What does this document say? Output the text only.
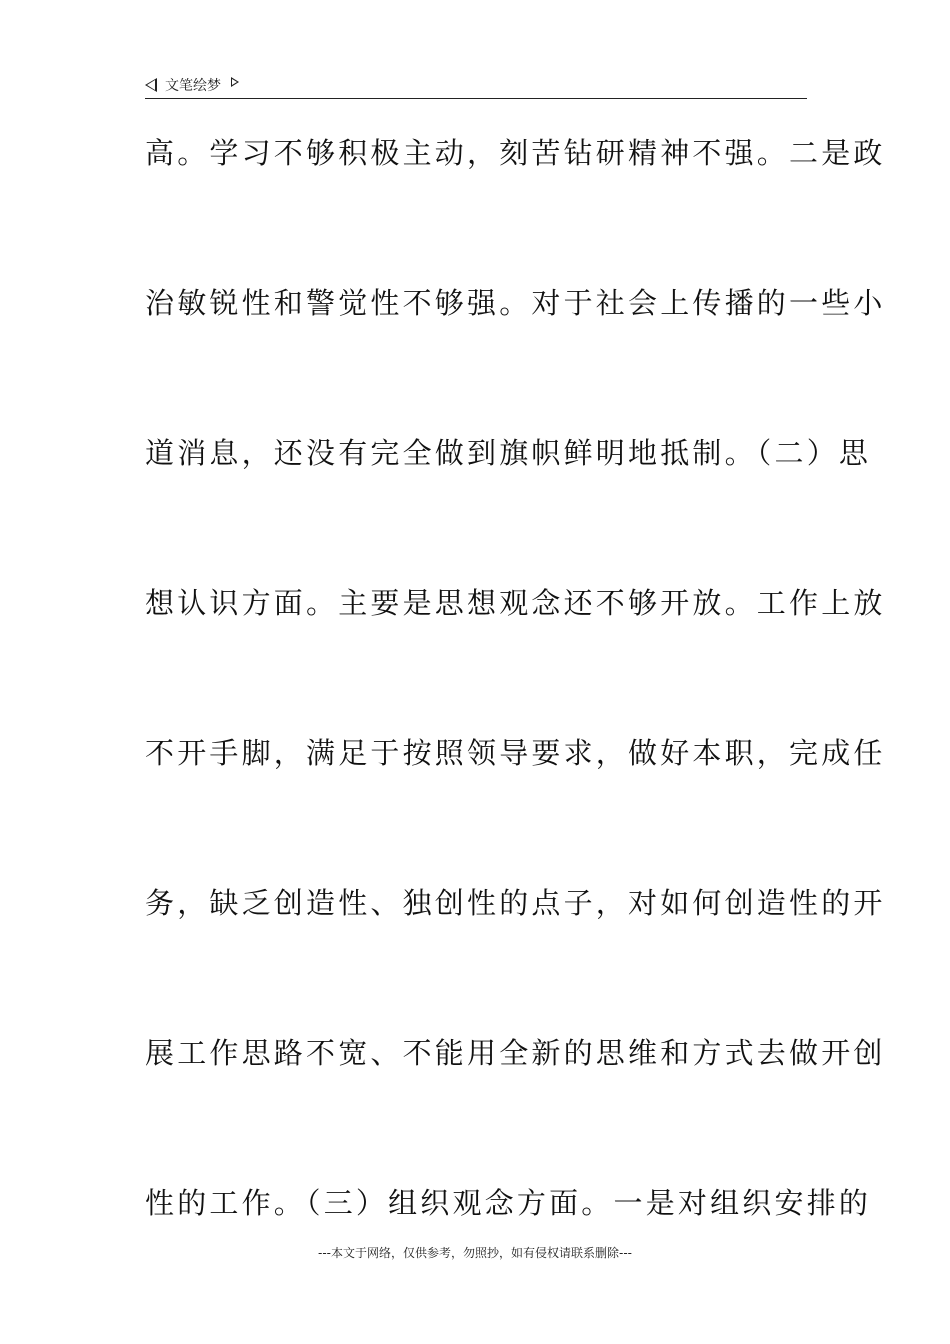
文笔绘梦
高。学习不够积极主动，刻苦钻研精神不强。二是政
治敏锐性和警觉性不够强。对于社会上传播的一些小
道消息，还没有完全做到旗帜鲜明地抵制。（二）思
想认识方面。主要是思想观念还不够开放。工作上放
不开手脚，满足于按照领导要求，做好本职，完成任
务，缺乏创造性、独创性的点子，对如何创造性的开
展工作思路不宽、不能用全新的思维和方式去做开创
性的工作。（三）组织观念方面。一是对组织安排的
---本文于网络，仅供参考，勿照抄，如有侵权请联系删除---
